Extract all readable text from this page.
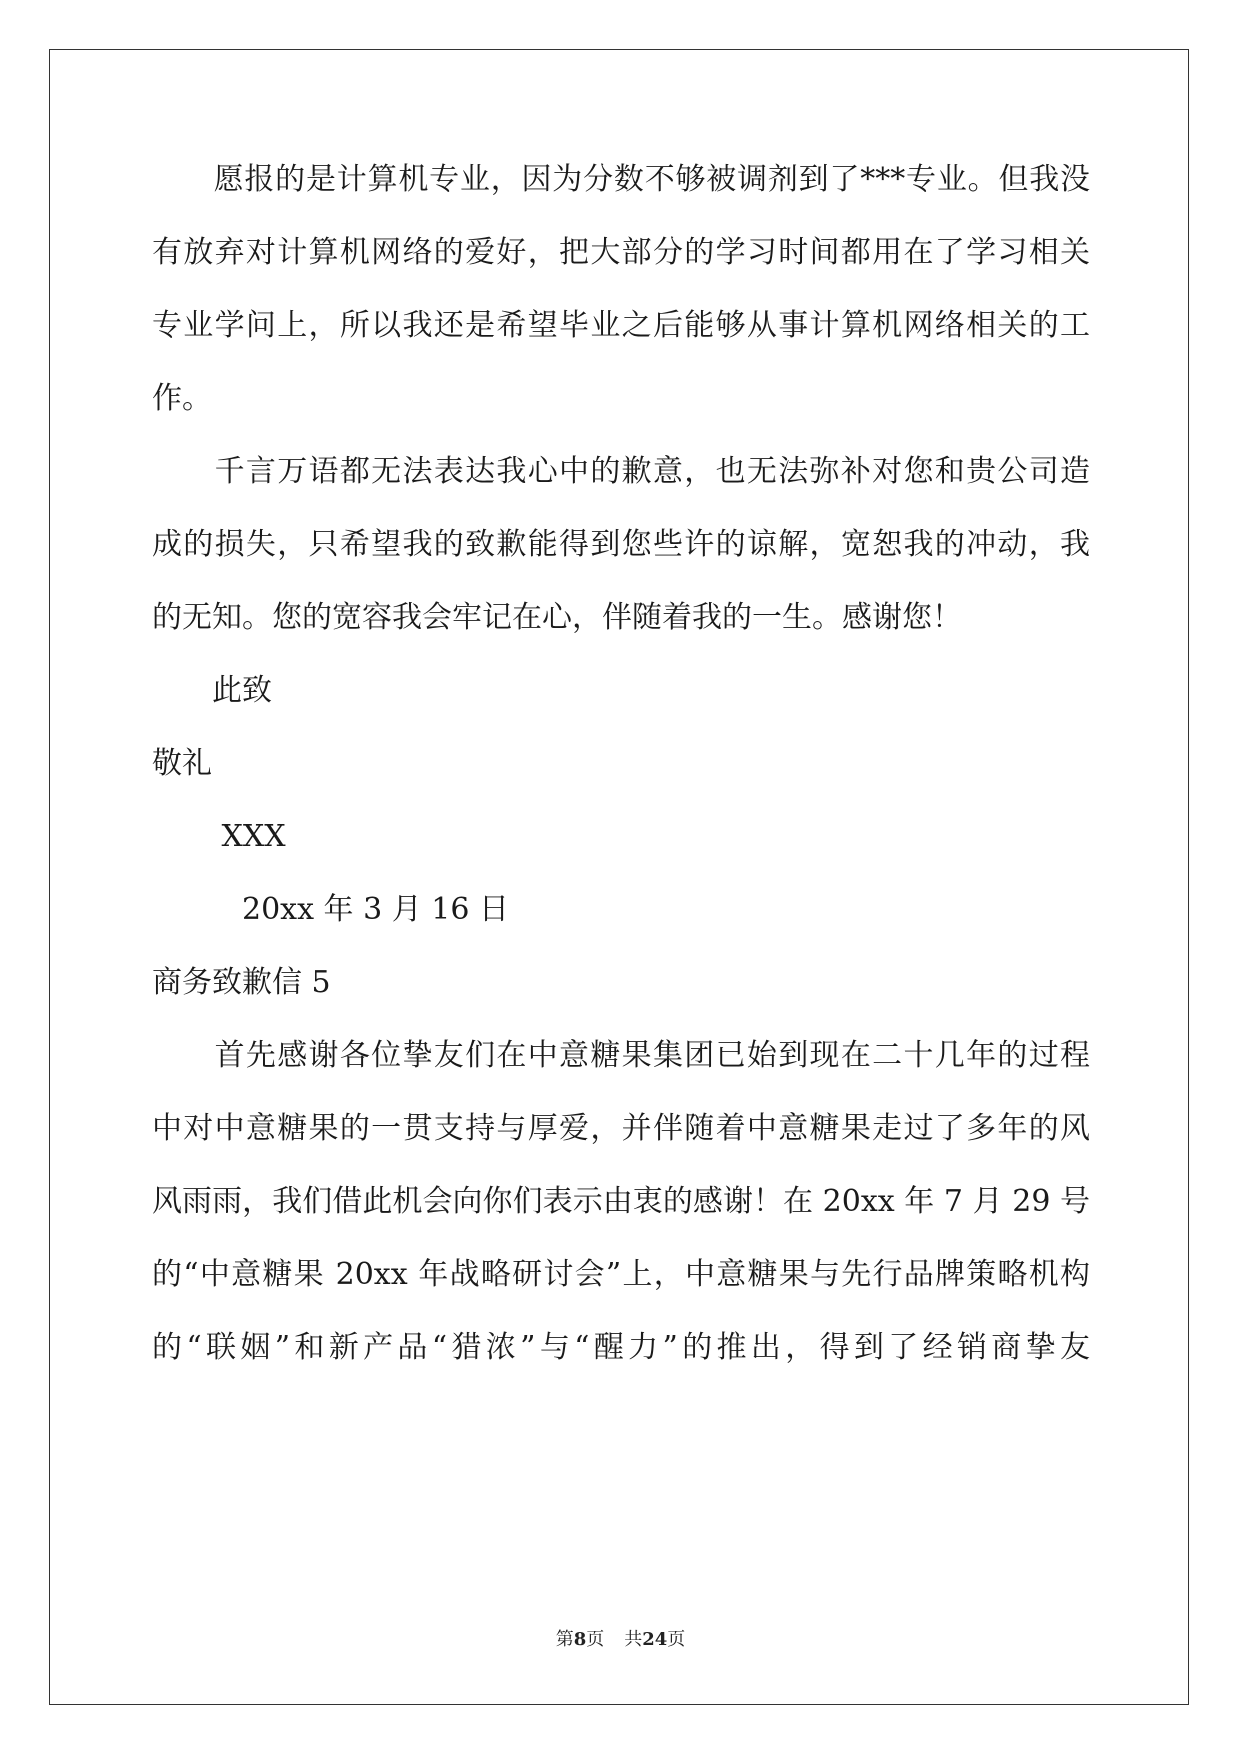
　　愿报的是计算机专业，因为分数不够被调剂到了***专业。但我没
有放弃对计算机网络的爱好，把大部分的学习时间都用在了学习相关
专业学问上，所以我还是希望毕业之后能够从事计算机网络相关的工
作。
　　千言万语都无法表达我心中的歉意，也无法弥补对您和贵公司造
成的损失，只希望我的致歉能得到您些许的谅解，宽恕我的冲动，我
的无知。您的宽容我会牢记在心，伴随着我的一生。感谢您！
　　此致
敬礼
　　 XXX
　　　20xx 年 3 月 16 日
商务致歉信 5
　　首先感谢各位挚友们在中意糖果集团已始到现在二十几年的过程
中对中意糖果的一贯支持与厚爱，并伴随着中意糖果走过了多年的风
风雨雨，我们借此机会向你们表示由衷的感谢！在 20xx 年 7 月 29 号
的“中意糖果 20xx 年战略研讨会”上，中意糖果与先行品牌策略机构
的“联姻”和新产品“猎浓”与“醒力”的推出，得到了经销商挚友
第8页 共24页
